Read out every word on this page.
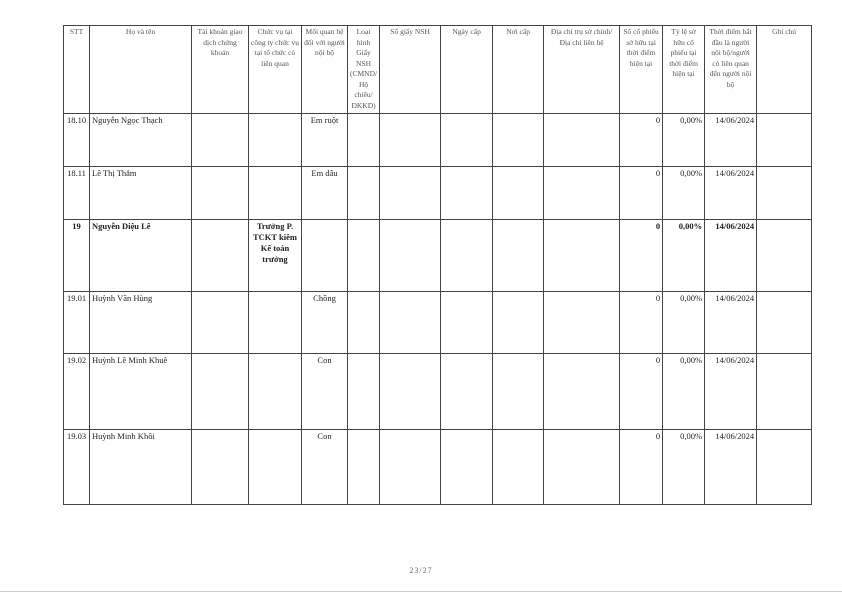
STT	Họ và tên	Tài khoản giao dịch chứng khoán	Chức vụ tại công ty chức vụ tại tổ chức có liên quan	Mối quan hệ đối với người nội bộ	Loại hình Giấy NSH (CMND/ Hộ chiếu/ ĐKKD)	Số giấy NSH	Ngày cấp	Nơi cấp	Địa chỉ trụ sở chính/ Địa chỉ liên hệ	Số cổ phiếu sở hữu tại thời điểm hiện tại	Tỷ lệ sở hữu cổ phiếu tại thời điểm hiện tại	Thời điểm bắt đầu là người nội bộ/người có liên quan đến người nội bộ	Ghi chú
18.10	Nguyễn Ngọc Thạch			Em ruột						0	0,00%	14/06/2024	
18.11	Lê Thị Thắm			Em dâu						0	0,00%	14/06/2024	
19	Nguyễn Diệu Lê		Trưởng P. TCKT kiêm Kế toán trưởng							0	0,00%	14/06/2024	
19.01	Huỳnh Văn Hùng			Chồng						0	0,00%	14/06/2024	
19.02	Huỳnh Lê Minh Khuê			Con						0	0,00%	14/06/2024	
19.03	Huỳnh Minh Khôi			Con						0	0,00%	14/06/2024	
23/27
